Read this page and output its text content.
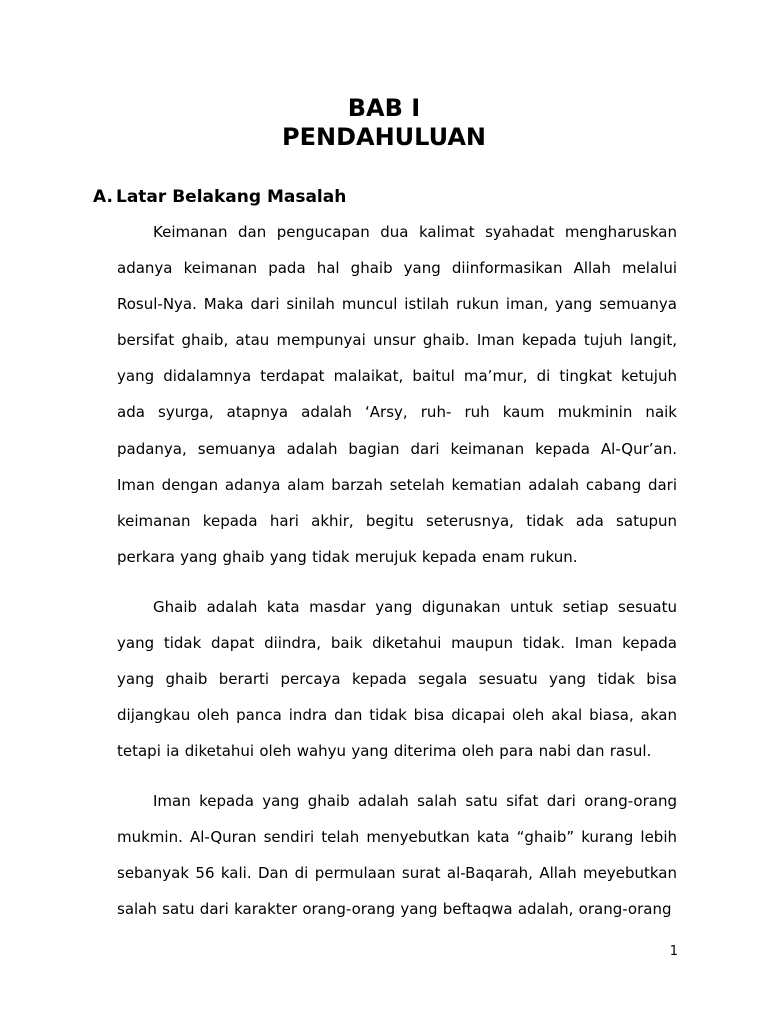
BAB I
PENDAHULUAN
A. Latar Belakang Masalah

Keimanan dan pengucapan dua kalimat syahadat mengharuskan adanya keimanan pada hal ghaib yang diinformasikan Allah melalui Rosul-Nya. Maka dari sinilah muncul istilah rukun iman, yang semuanya bersifat ghaib, atau mempunyai unsur ghaib. Iman kepada tujuh langit, yang didalamnya terdapat malaikat, baitul ma’mur, di tingkat ketujuh ada syurga, atapnya adalah ‘Arsy, ruh- ruh kaum mukminin naik padanya, semuanya adalah bagian dari keimanan kepada Al-Qur’an. Iman dengan adanya alam barzah setelah kematian adalah cabang dari keimanan kepada hari akhir, begitu seterusnya, tidak ada satupun perkara yang ghaib yang tidak merujuk kepada enam rukun.

Ghaib adalah kata masdar yang digunakan untuk setiap sesuatu yang tidak dapat diindra, baik diketahui maupun tidak. Iman kepada yang ghaib berarti percaya kepada segala sesuatu yang tidak bisa dijangkau oleh panca indra dan tidak bisa dicapai oleh akal biasa, akan tetapi ia diketahui oleh wahyu yang diterima oleh para nabi dan rasul.

Iman kepada yang ghaib adalah salah satu sifat dari orang-orang mukmin. Al-Quran sendiri telah menyebutkan kata “ghaib” kurang lebih sebanyak 56 kali. Dan di permulaan surat al-Baqarah, Allah meyebutkan salah satu dari karakter orang-orang yang beftaqwa adalah, orang-orang

1
